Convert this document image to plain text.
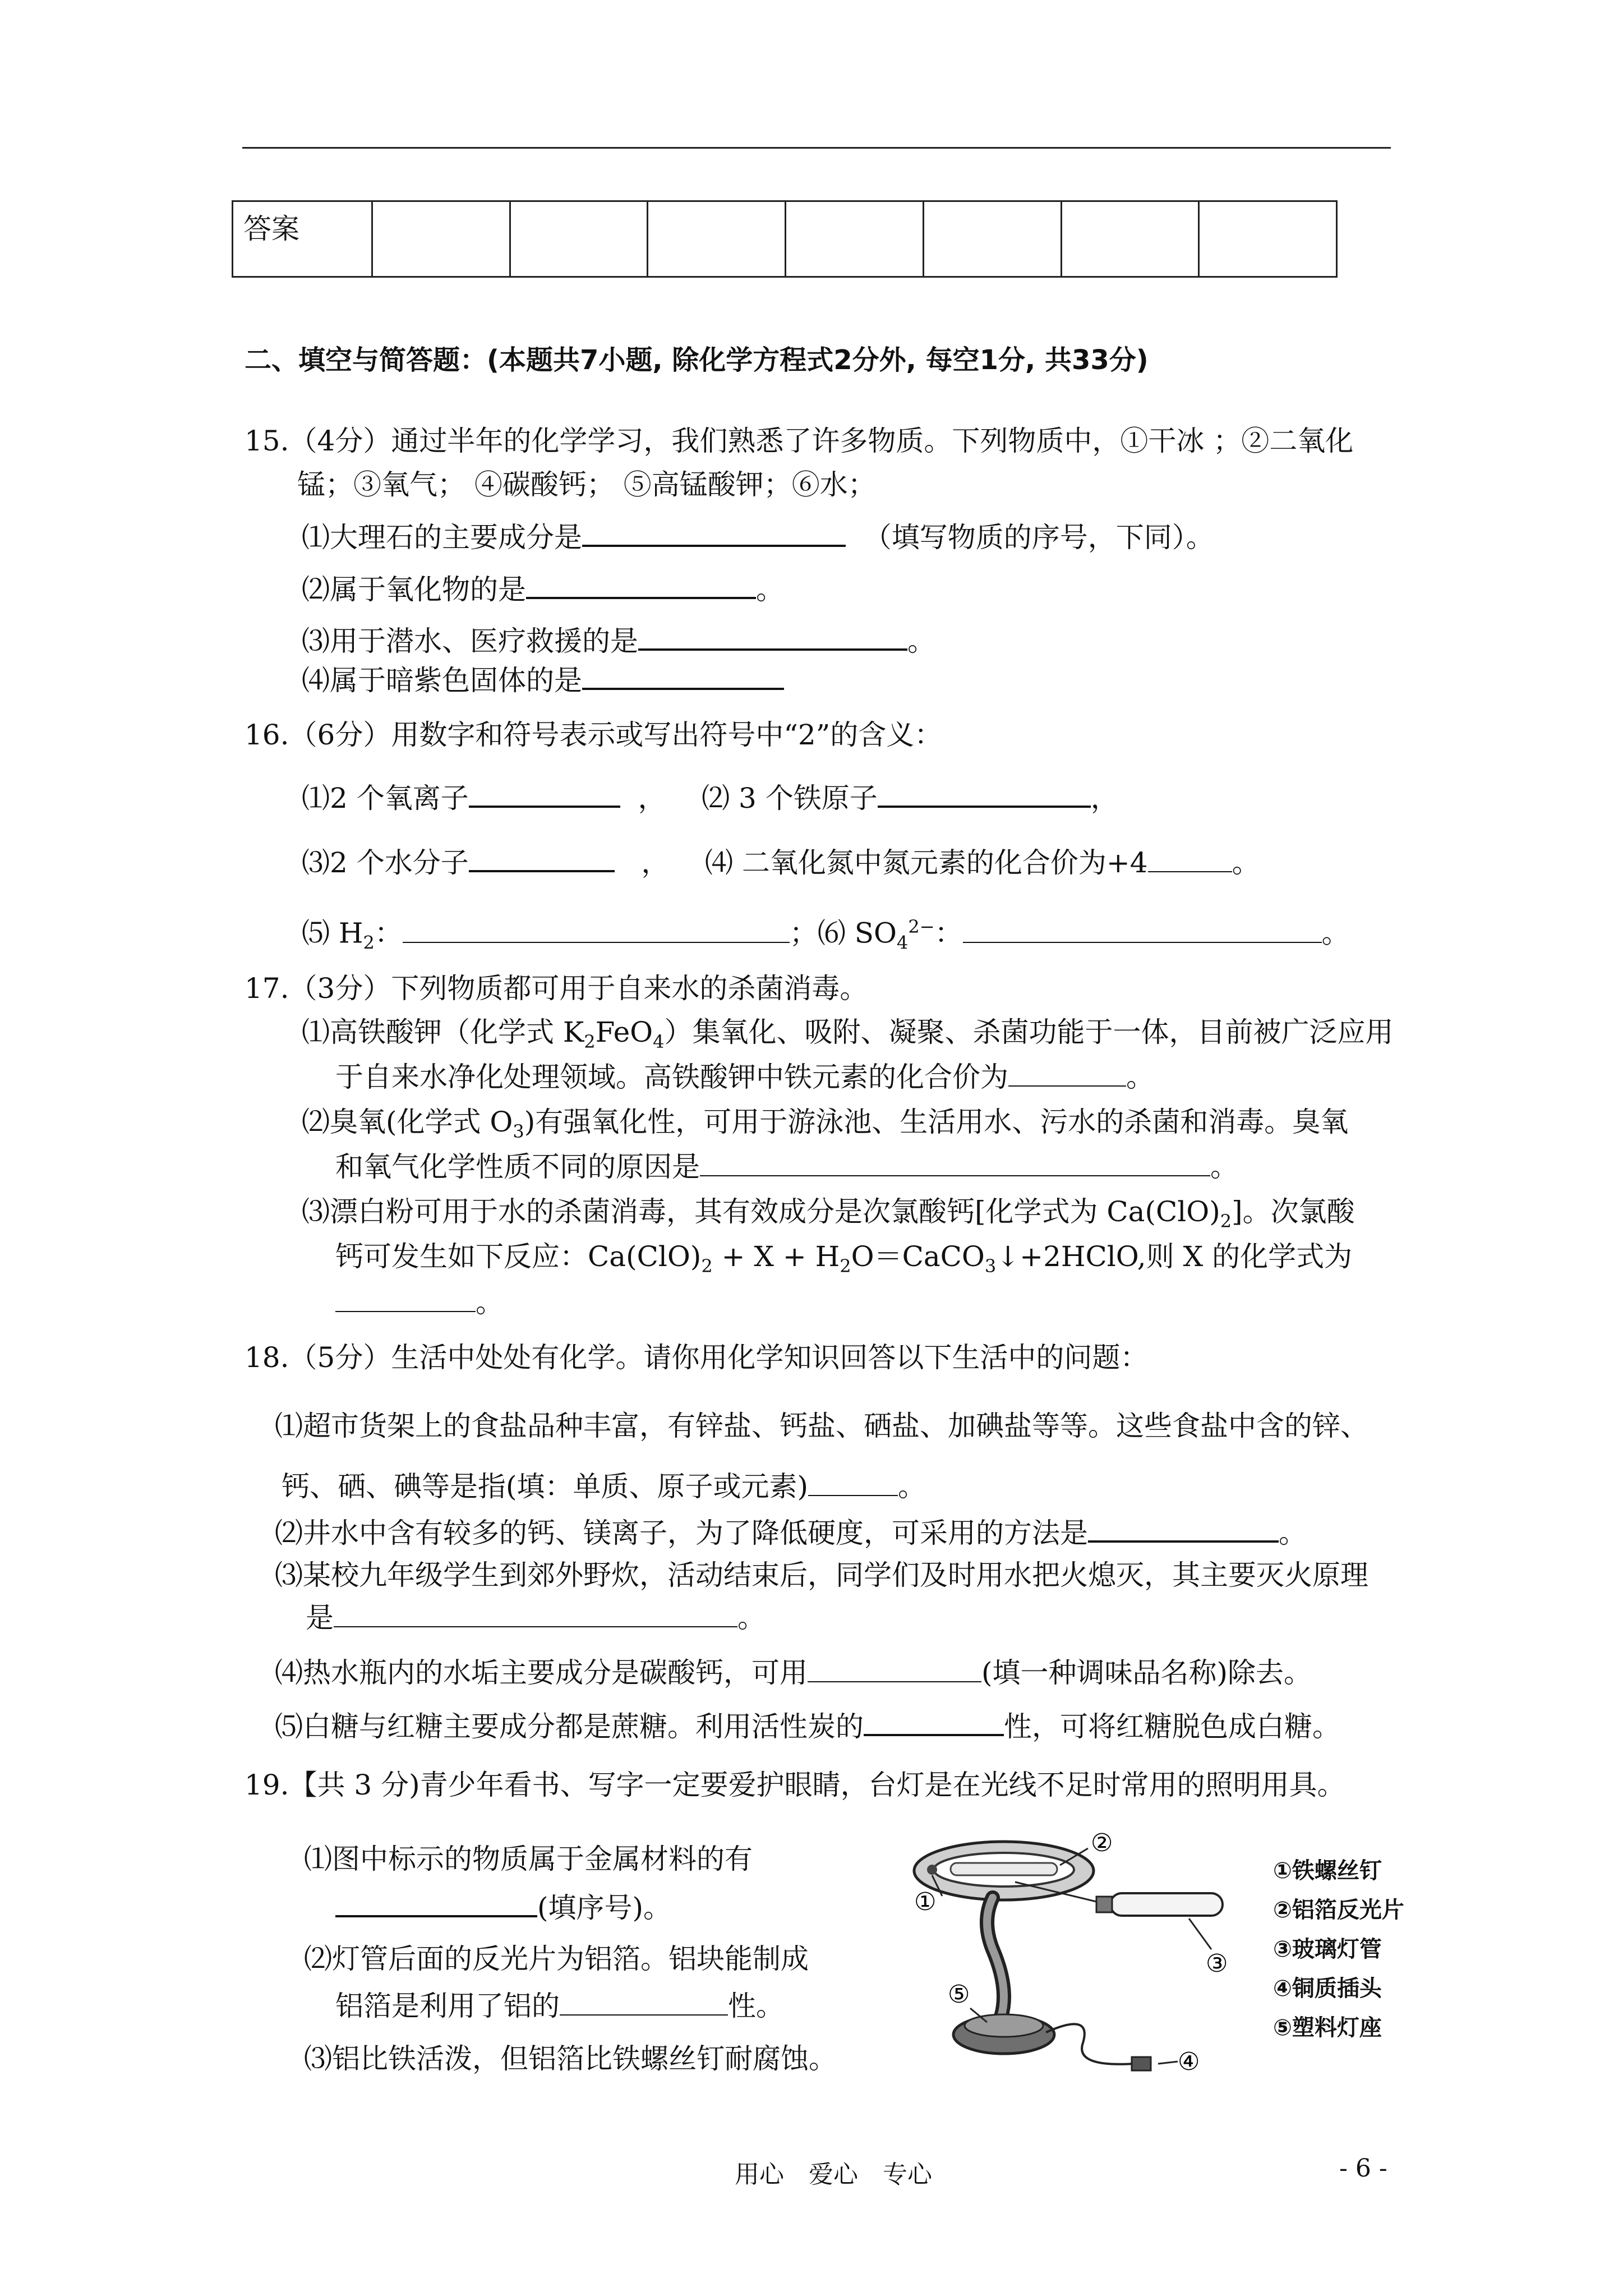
答案							
二、填空与简答题：(本题共7小题, 除化学方程式2分外, 每空1分, 共33分)
15.（4分）通过半年的化学学习，我们熟悉了许多物质。下列物质中，①干冰 ；②二氧化
锰；③氧气； ④碳酸钙； ⑤高锰酸钾；⑥水；
⑴大理石的主要成分是	（填写物质的序号，下同）。
⑵属于氧化物的是	。
⑶用于潜水、医疗救援的是	。
⑷属于暗紫色固体的是
16.（6分）用数字和符号表示或写出符号中“2”的含义：
⑴2 个氧离子	， ⑵ 3 个铁原子	，
⑶2 个水分子	， ⑷ 二氧化氮中氮元素的化合价为+4	。
⑸ $H_2$：	；⑹ $SO_4^{2-}$：	。
17.（3分）下列物质都可用于自来水的杀菌消毒。
⑴高铁酸钾（化学式 $K_2FeO_4$）集氧化、吸附、凝聚、杀菌功能于一体，目前被广泛应用
于自来水净化处理领域。高铁酸钾中铁元素的化合价为	。
⑵臭氧(化学式 $O_3$)有强氧化性，可用于游泳池、生活用水、污水的杀菌和消毒。臭氧
和氧气化学性质不同的原因是	。
⑶漂白粉可用于水的杀菌消毒，其有效成分是次氯酸钙[化学式为 $Ca(ClO)_2$]。次氯酸
钙可发生如下反应：$Ca(ClO)_2 + X$ + $H_2O=CaCO_3↓+2HClO$,则 X 的化学式为
。
18.（5分）生活中处处有化学。请你用化学知识回答以下生活中的问题：
⑴超市货架上的食盐品种丰富，有锌盐、钙盐、硒盐、加碘盐等等。这些食盐中含的锌、
钙、硒、碘等是指(填：单质、原子或元素)	。
⑵井水中含有较多的钙、镁离子，为了降低硬度，可采用的方法是	。
⑶某校九年级学生到郊外野炊，活动结束后，同学们及时用水把火熄灭，其主要灭火原理
是	。
⑷热水瓶内的水垢主要成分是碳酸钙，可用	(填一种调味品名称)除去。
⑸白糖与红糖主要成分都是蔗糖。利用活性炭的	性，可将红糖脱色成白糖。
19.【共 3 分)青少年看书、写字一定要爱护眼睛，台灯是在光线不足时常用的照明用具。
⑴图中标示的物质属于金属材料的有
(填序号)。
⑵灯管后面的反光片为铝箔。铝块能制成
铝箔是利用了铝的	性。
⑶铝比铁活泼，但铝箔比铁螺丝钉耐腐蚀。
①
②
③
④
⑤
①铁螺丝钉
②铝箔反光片
③玻璃灯管
④铜质插头
⑤塑料灯座
用心　爱心　专心	- 6 -
